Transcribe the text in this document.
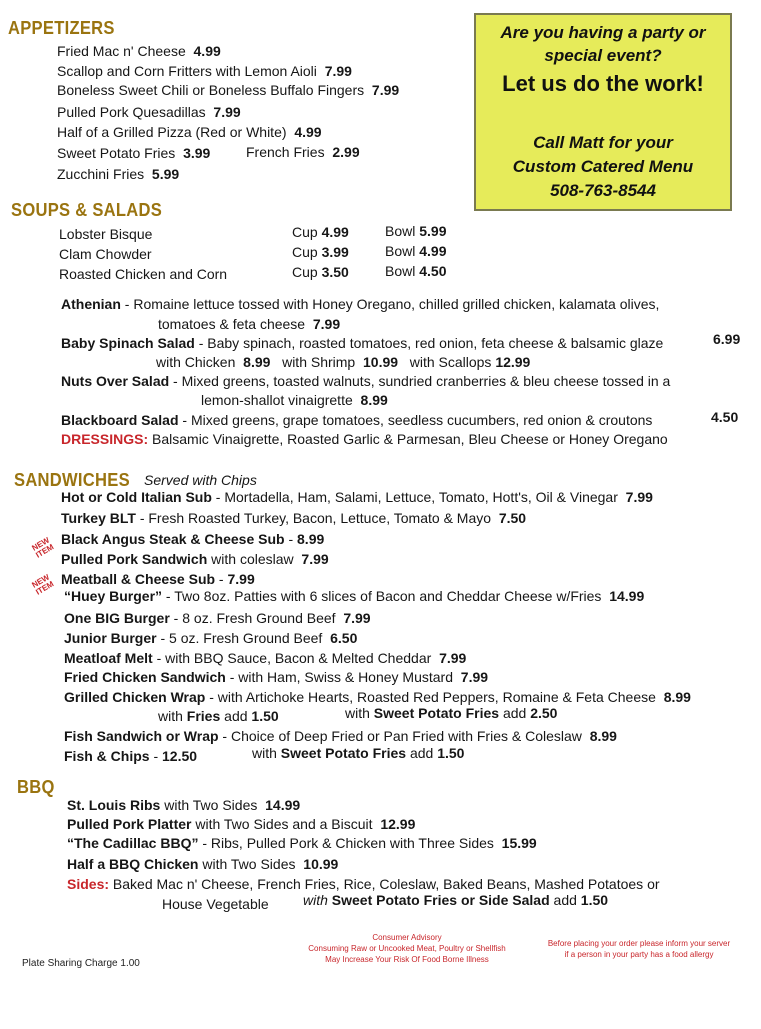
APPETIZERS
Fried Mac n' Cheese 4.99
Scallop and Corn Fritters with Lemon Aioli 7.99
Boneless Sweet Chili or Boneless Buffalo Fingers 7.99
Pulled Pork Quesadillas 7.99
Half of a Grilled Pizza (Red or White) 4.99
Sweet Potato Fries 3.99	French Fries 2.99
Zucchini Fries 5.99
Are you having a party or
special event?
Let us do the work!
Call Matt for your
Custom Catered Menu
508-763-8544
SOUPS & SALADS
Lobster Bisque	Cup 4.99	Bowl 5.99
Clam Chowder	Cup 3.99	Bowl 4.99
Roasted Chicken and Corn	Cup 3.50	Bowl 4.50
Athenian - Romaine lettuce tossed with Honey Oregano, chilled grilled chicken, kalamata olives,
tomatoes & feta cheese 7.99
Baby Spinach Salad - Baby spinach, roasted tomatoes, red onion, feta cheese & balsamic glaze	6.99
with Chicken 8.99 with Shrimp 10.99 with Scallops 12.99
Nuts Over Salad - Mixed greens, toasted walnuts, sundried cranberries & bleu cheese tossed in a
lemon-shallot vinaigrette 8.99
Blackboard Salad - Mixed greens, grape tomatoes, seedless cucumbers, red onion & croutons	4.50
DRESSINGS: Balsamic Vinaigrette, Roasted Garlic & Parmesan, Bleu Cheese or Honey Oregano
SANDWICHES Served with Chips
Hot or Cold Italian Sub - Mortadella, Ham, Salami, Lettuce, Tomato, Hott's, Oil & Vinegar 7.99
Turkey BLT - Fresh Roasted Turkey, Bacon, Lettuce, Tomato & Mayo 7.50
NEW ITEM
Black Angus Steak & Cheese Sub - 8.99
Pulled Pork Sandwich with coleslaw 7.99
NEW ITEM
Meatball & Cheese Sub - 7.99
“Huey Burger” - Two 8oz. Patties with 6 slices of Bacon and Cheddar Cheese w/Fries 14.99
One BIG Burger - 8 oz. Fresh Ground Beef 7.99
Junior Burger - 5 oz. Fresh Ground Beef 6.50
Meatloaf Melt - with BBQ Sauce, Bacon & Melted Cheddar 7.99
Fried Chicken Sandwich - with Ham, Swiss & Honey Mustard 7.99
Grilled Chicken Wrap - with Artichoke Hearts, Roasted Red Peppers, Romaine & Feta Cheese 8.99
with Fries add 1.50	with Sweet Potato Fries add 2.50
Fish Sandwich or Wrap - Choice of Deep Fried or Pan Fried with Fries & Coleslaw 8.99
Fish & Chips - 12.50	with Sweet Potato Fries add 1.50
BBQ
St. Louis Ribs with Two Sides 14.99
Pulled Pork Platter with Two Sides and a Biscuit 12.99
“The Cadillac BBQ” - Ribs, Pulled Pork & Chicken with Three Sides 15.99
Half a BBQ Chicken with Two Sides 10.99
Sides: Baked Mac n' Cheese, French Fries, Rice, Coleslaw, Baked Beans, Mashed Potatoes or
House Vegetable with Sweet Potato Fries or Side Salad add 1.50
Plate Sharing Charge 1.00
Consumer Advisory
Consuming Raw or Uncooked Meat, Poultry or Shellfish
May Increase Your Risk Of Food Borne Illness
Before placing your order please inform your server
if a person in your party has a food allergy
